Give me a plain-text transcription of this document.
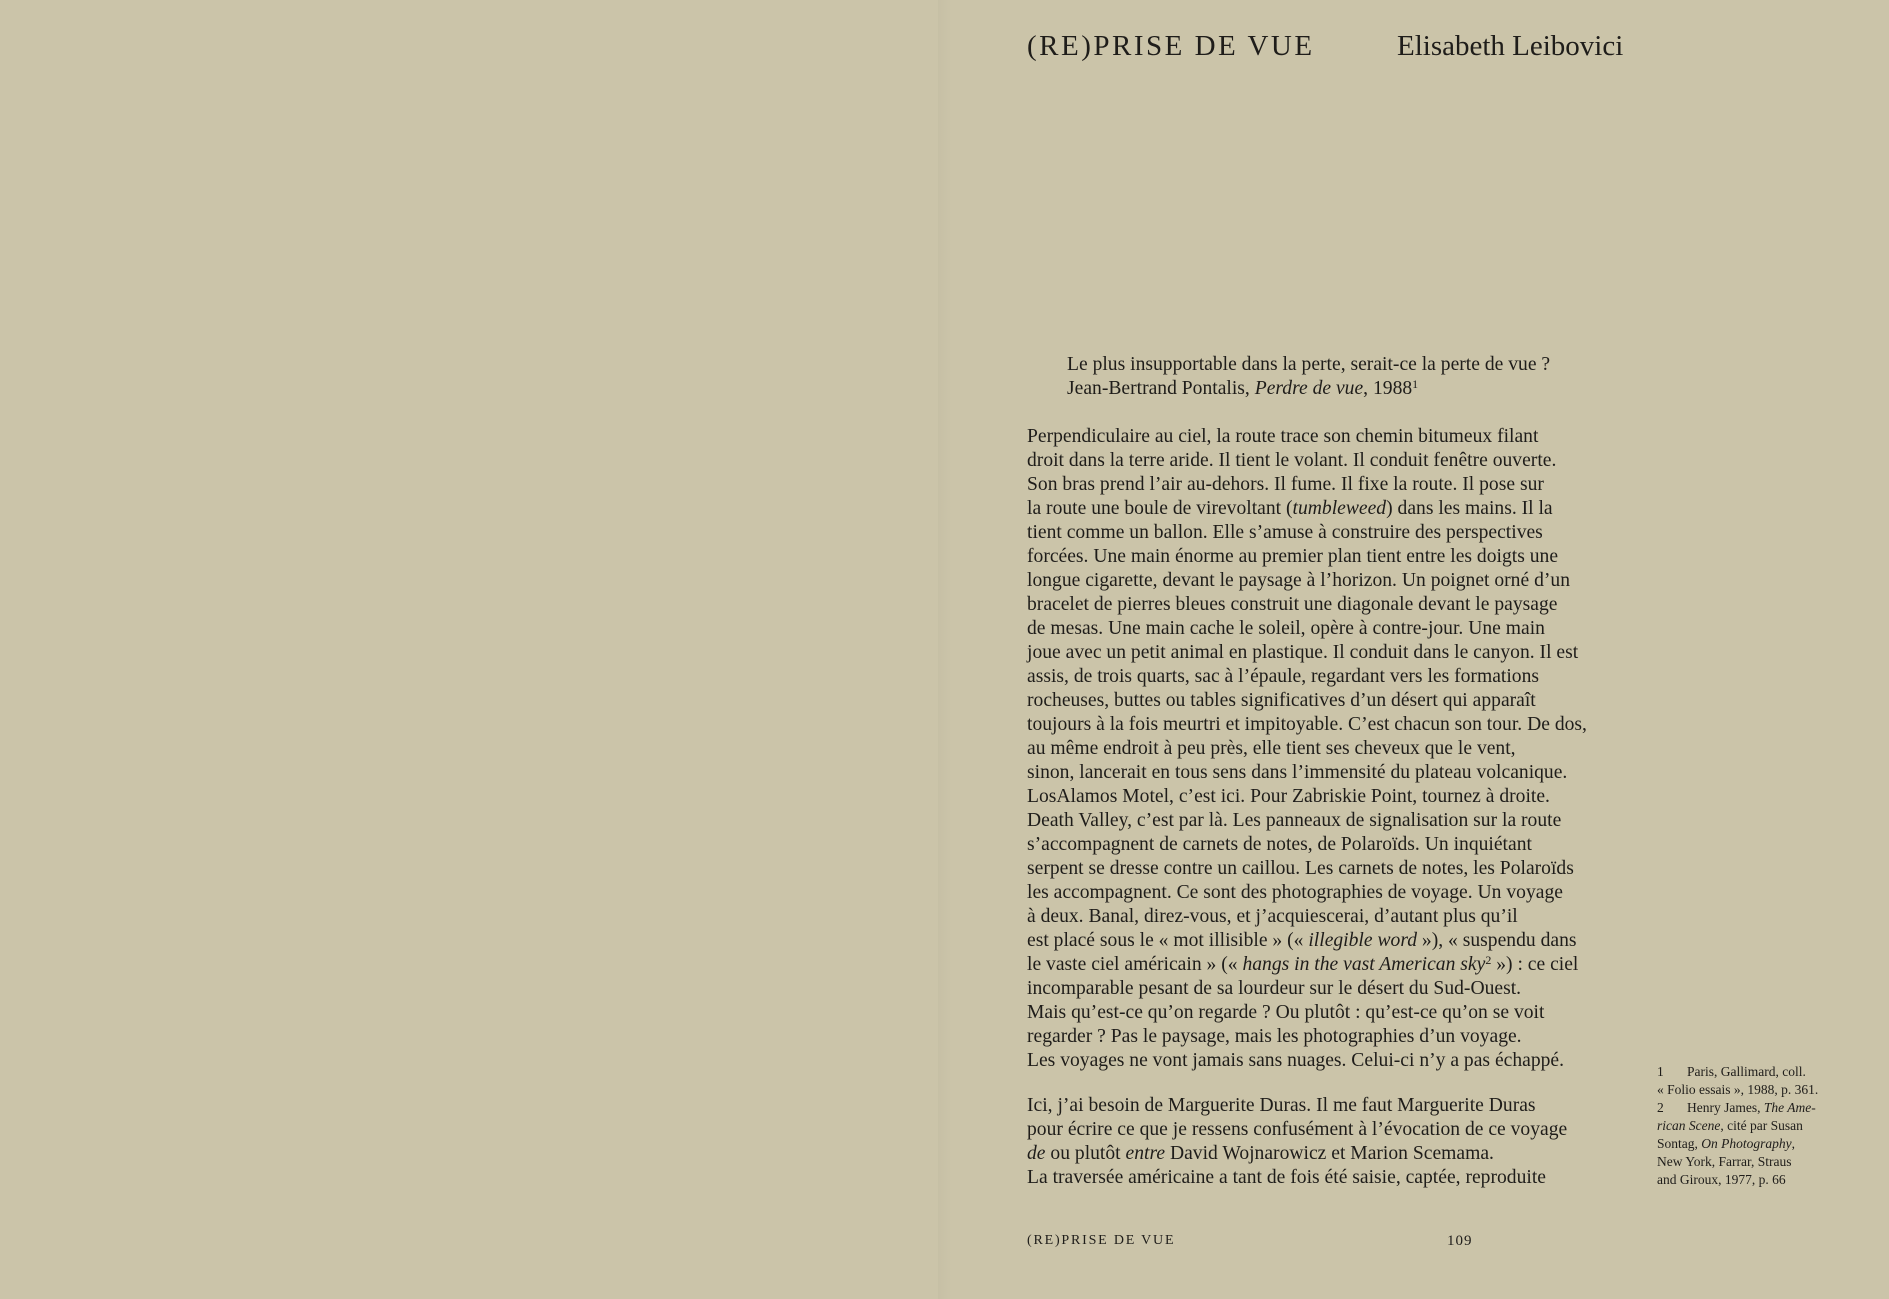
(RE)PRISE DE VUE	Elisabeth Leibovici
Le plus insupportable dans la perte, serait-ce la perte de vue ?
Jean-Bertrand Pontalis, Perdre de vue, 1988$^1$
Perpendiculaire au ciel, la route trace son chemin bitumeux filant
droit dans la terre aride. Il tient le volant. Il conduit fenêtre ouverte.
Son bras prend l’air au-dehors. Il fume. Il fixe la route. Il pose sur
la route une boule de virevoltant (tumbleweed) dans les mains. Il la
tient comme un ballon. Elle s’amuse à construire des perspectives
forcées. Une main énorme au premier plan tient entre les doigts une
longue cigarette, devant le paysage à l’horizon. Un poignet orné d’un
bracelet de pierres bleues construit une diagonale devant le paysage
de mesas. Une main cache le soleil, opère à contre-jour. Une main
joue avec un petit animal en plastique. Il conduit dans le canyon. Il est
assis, de trois quarts, sac à l’épaule, regardant vers les formations
rocheuses, buttes ou tables significatives d’un désert qui apparaît
toujours à la fois meurtri et impitoyable. C’est chacun son tour. De dos,
au même endroit à peu près, elle tient ses cheveux que le vent,
sinon, lancerait en tous sens dans l’immensité du plateau volcanique.
LosAlamos Motel, c’est ici. Pour Zabriskie Point, tournez à droite.
Death Valley, c’est par là. Les panneaux de signalisation sur la route
s’accompagnent de carnets de notes, de Polaroïds. Un inquiétant
serpent se dresse contre un caillou. Les carnets de notes, les Polaroïds
les accompagnent. Ce sont des photographies de voyage. Un voyage
à deux. Banal, direz-vous, et j’acquiescerai, d’autant plus qu’il
est placé sous le « mot illisible » (« illegible word »), « suspendu dans
le vaste ciel américain » (« hangs in the vast American sky$^2$ ») : ce ciel
incomparable pesant de sa lourdeur sur le désert du Sud-Ouest.
Mais qu’est-ce qu’on regarde ? Ou plutôt : qu’est-ce qu’on se voit
regarder ? Pas le paysage, mais les photographies d’un voyage.
Les voyages ne vont jamais sans nuages. Celui-ci n’y a pas échappé.
Ici, j’ai besoin de Marguerite Duras. Il me faut Marguerite Duras
pour écrire ce que je ressens confusément à l’évocation de ce voyage
de ou plutôt entre David Wojnarowicz et Marion Scemama.
La traversée américaine a tant de fois été saisie, captée, reproduite
1 Paris, Gallimard, coll.
« Folio essais », 1988, p. 361.
2 Henry James, The Ame-
rican Scene, cité par Susan
Sontag, On Photography,
New York, Farrar, Straus
and Giroux, 1977, p. 66
(RE)PRISE DE VUE	109
